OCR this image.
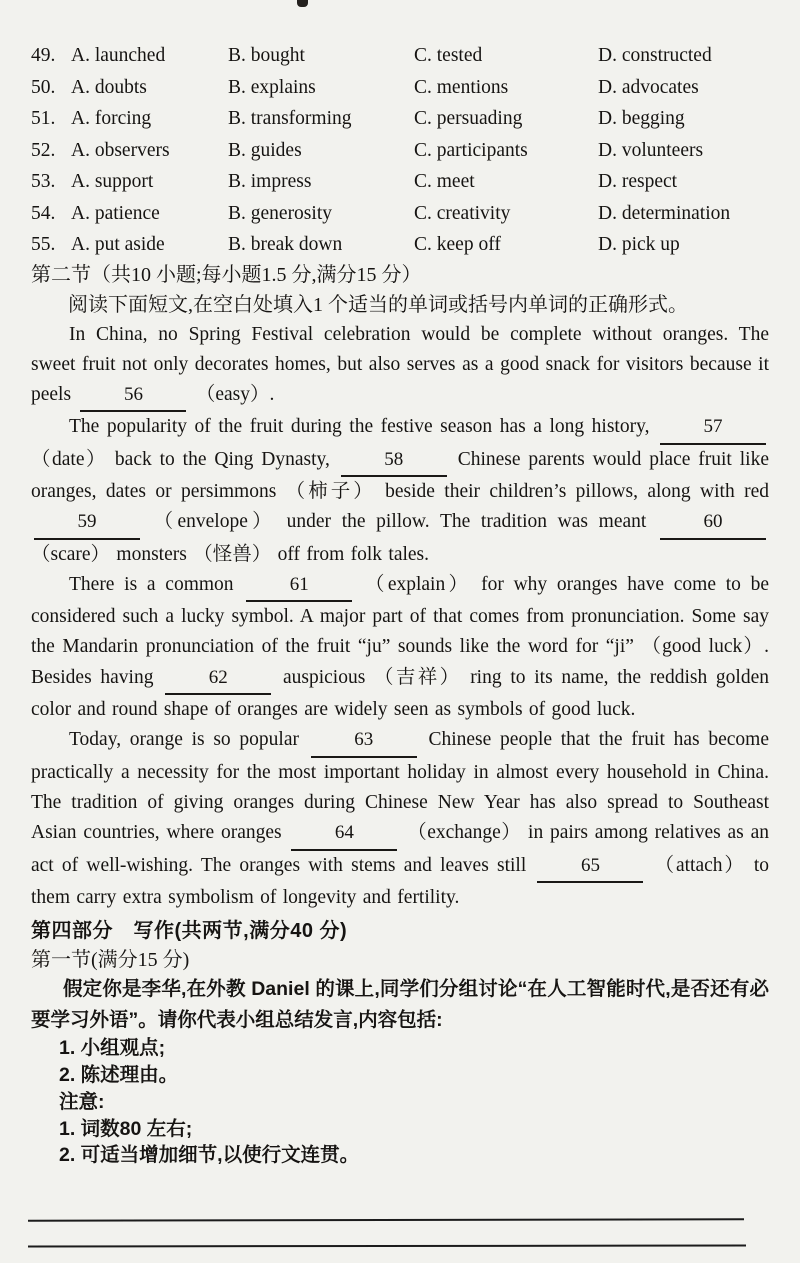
49. A. launched	B. bought	C. tested	D. constructed
50. A. doubts	B. explains	C. mentions	D. advocates
51. A. forcing	B. transforming	C. persuading	D. begging
52. A. observers	B. guides	C. participants	D. volunteers
53. A. support	B. impress	C. meet	D. respect
54. A. patience	B. generosity	C. creativity	D. determination
55. A. put aside	B. break down	C. keep off	D. pick up
第二节（共10 小题;每小题1.5 分,满分15 分）

阅读下面短文,在空白处填入1 个适当的单词或括号内单词的正确形式。

In China, no Spring Festival celebration would be complete without oranges. The sweet fruit not only decorates homes, but also serves as a good snack for visitors because it peels 56 （easy）.

The popularity of the fruit during the festive season has a long history, 57 （date） back to the Qing Dynasty, 58 Chinese parents would place fruit like oranges, dates or persimmons （柿子） beside their children’s pillows, along with red 59 （envelope） under the pillow. The tradition was meant 60 （scare） monsters （怪兽） off from folk tales.

There is a common 61 （explain） for why oranges have come to be considered such a lucky symbol. A major part of that comes from pronunciation. Some say the Mandarin pronunciation of the fruit “ju” sounds like the word for “ji” （good luck）. Besides having 62 auspicious （吉祥） ring to its name, the reddish golden color and round shape of oranges are widely seen as symbols of good luck.

Today, orange is so popular 63 Chinese people that the fruit has become practically a necessity for the most important holiday in almost every household in China. The tradition of giving oranges during Chinese New Year has also spread to Southeast Asian countries, where oranges 64 （exchange） in pairs among relatives as an act of well-wishing. The oranges with stems and leaves still 65 （attach） to them carry extra symbolism of longevity and fertility.

第四部分　写作(共两节,满分40 分)
第一节(满分15 分)

假定你是李华,在外教 Daniel 的课上,同学们分组讨论“在人工智能时代,是否还有必要学习外语”。请你代表小组总结发言,内容包括:

1. 小组观点;
2. 陈述理由。
注意:
1. 词数80 左右;
2. 可适当增加细节,以使行文连贯。
